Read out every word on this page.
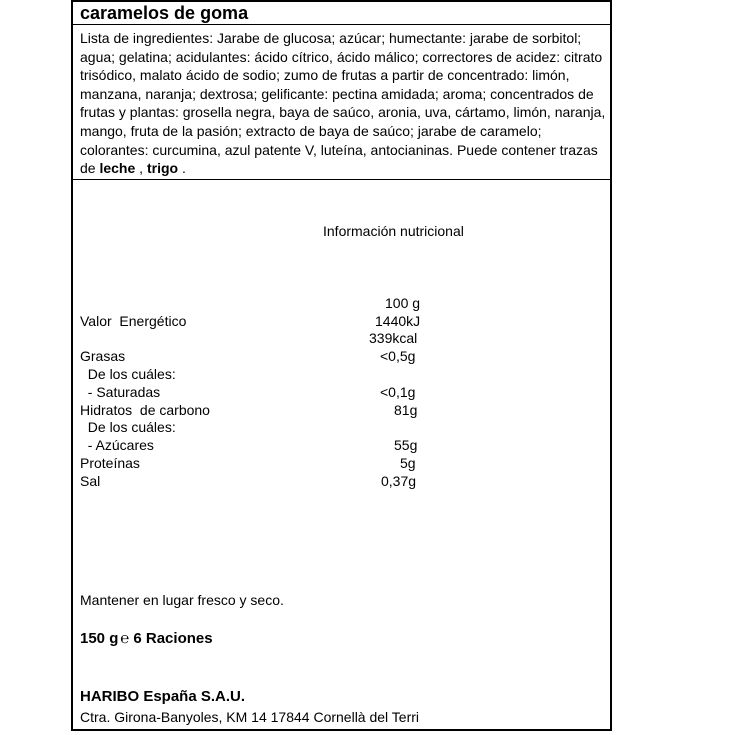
caramelos de goma
Lista de ingredientes: Jarabe de glucosa; azúcar; humectante: jarabe de sorbitol; agua; gelatina; acidulantes: ácido cítrico, ácido málico; correctores de acidez: citrato trisódico, malato ácido de sodio; zumo de frutas a partir de concentrado: limón, manzana, naranja; dextrosa; gelificante: pectina amidada; aroma; concentrados de frutas y plantas: grosella negra, baya de saúco, aronia, uva, cártamo, limón, naranja, mango, fruta de la pasión; extracto de baya de saúco; jarabe de caramelo; colorantes: curcumina, azul patente V, luteína, antocianinas. Puede contener trazas de leche , trigo .
Información nutricional
100 g
Valor  Energético	1440kJ
339kcal
Grasas	<0,5g
De los cuáles:
- Saturadas	<0,1g
Hidratos  de carbono	81g
De los cuáles:
- Azúcares	55g
Proteínas	5g
Sal	0,37g
Mantener en lugar fresco y seco.
150 g ℮ 6 Raciones
HARIBO España S.A.U.
Ctra. Girona-Banyoles, KM 14 17844 Cornellà del Terri
